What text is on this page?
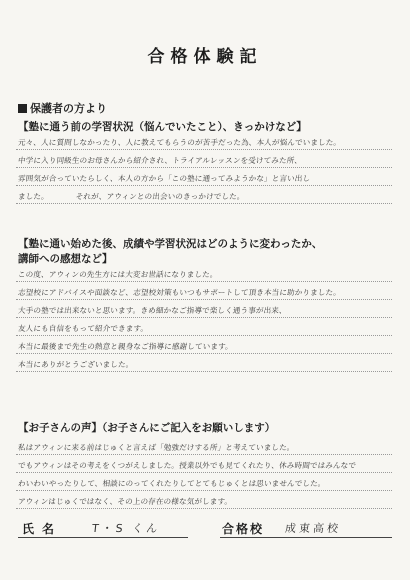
合格体験記
保護者の方より
【塾に通う前の学習状況（悩んでいたこと）、きっかけなど】
元々、人に質問しなかったり、人に教えてもらうのが苦手だった為、本人が悩んでいました。
中学に入り同級生のお母さんから紹介され、トライアルレッスンを受けてみた所、
雰囲気が合っていたらしく、本人の方から「この塾に通ってみようかな」と言い出し
ました。　　　　それが、アウィンとの出会いのきっかけでした。
【塾に通い始めた後、成績や学習状況はどのように変わったか、
講師への感想など】
この度、アウィンの先生方には大変お世話になりました。
志望校にアドバイスや面談など、志望校対策もいつもサポートして頂き本当に助かりました。
大手の塾では出来ないと思います。きめ細かなご指導で楽しく通う事が出来、
友人にも自信をもって紹介できます。
本当に最後まで先生の熱意と親身なご指導に感謝しています。
本当にありがとうございました。
【お子さんの声】（お子さんにご記入をお願いします）
私はアウィンに来る前はじゅくと言えば「勉強だけする所」と考えていました。
でもアウィンはその考えをくつがえしました。授業以外でも見てくれたり、休み時間ではみんなで
わいわいやったりして、相談にのってくれたりしてとてもじゅくとは思いませんでした。
アウィンはじゅくではなく、その上の存在の様な気がします。
氏名	T・S くん	合格校 成東高校
